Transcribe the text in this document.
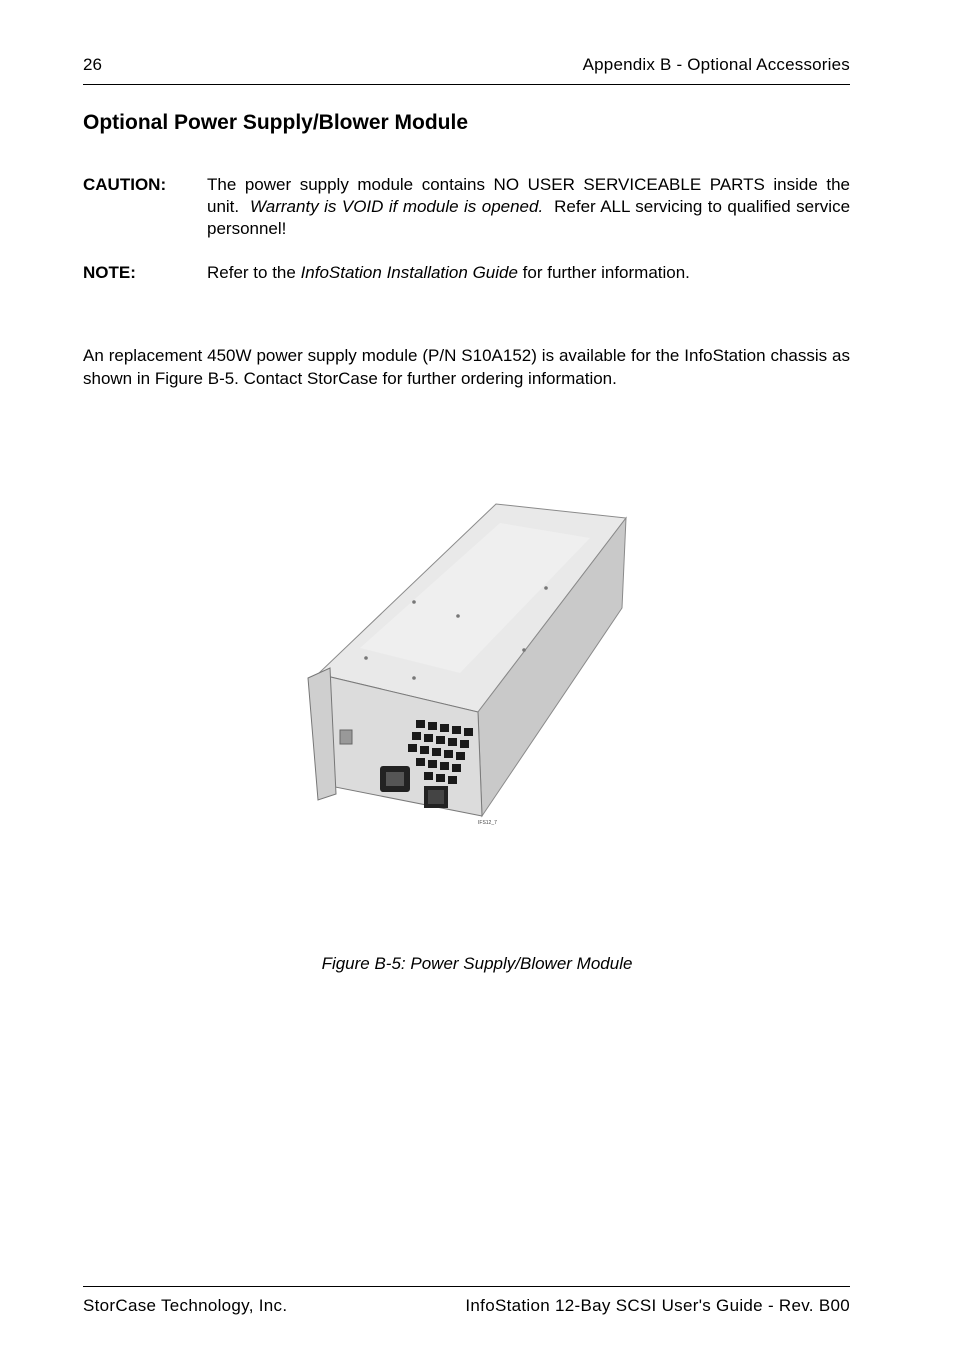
26	Appendix B - Optional Accessories
Optional Power Supply/Blower Module
CAUTION: The power supply module contains NO USER SERVICEABLE PARTS inside the unit. Warranty is VOID if module is opened. Refer ALL servicing to qualified service personnel!
NOTE:	Refer to the InfoStation Installation Guide for further information.

An replacement 450W power supply module (P/N S10A152) is available for the InfoStation chassis as shown in Figure B-5. Contact StorCase for further ordering information.

IFS12_7
Figure B-5: Power Supply/Blower Module
StorCase Technology, Inc.	InfoStation 12-Bay SCSI User's Guide - Rev. B00
